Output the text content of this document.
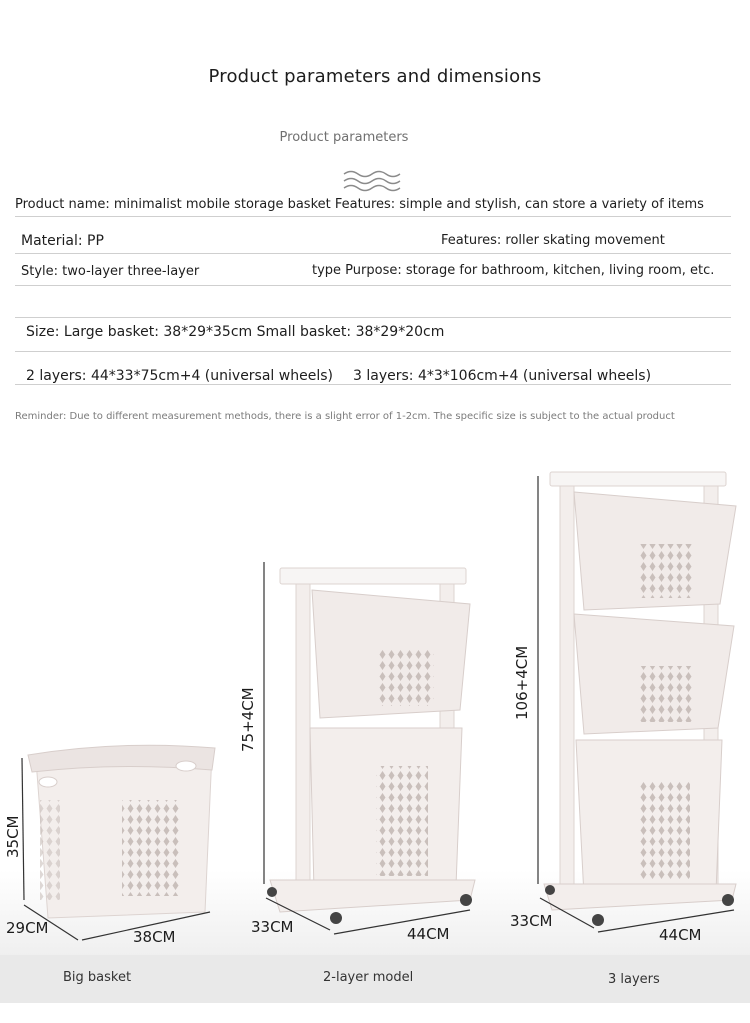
Product parameters and dimensions
Product parameters
Product name: minimalist mobile storage basket Features: simple and stylish, can store a variety of items
Material: PP	Features: roller skating movement
Style: two-layer three-layer	type Purpose: storage for bathroom, kitchen, living room, etc.
Size: Large basket: 38*29*35cm Small basket: 38*29*20cm
2 layers: 44*33*75cm+4 (universal wheels) 3 layers: 4*3*106cm+4 (universal wheels)
Reminder: Due to different measurement methods, there is a slight error of 1-2cm. The specific size is subject to the actual product
35CM
29CM	38CM
75+4CM
33CM	44CM
106+4CM
33CM
44CM
Big basket	2-layer model	3 layers
